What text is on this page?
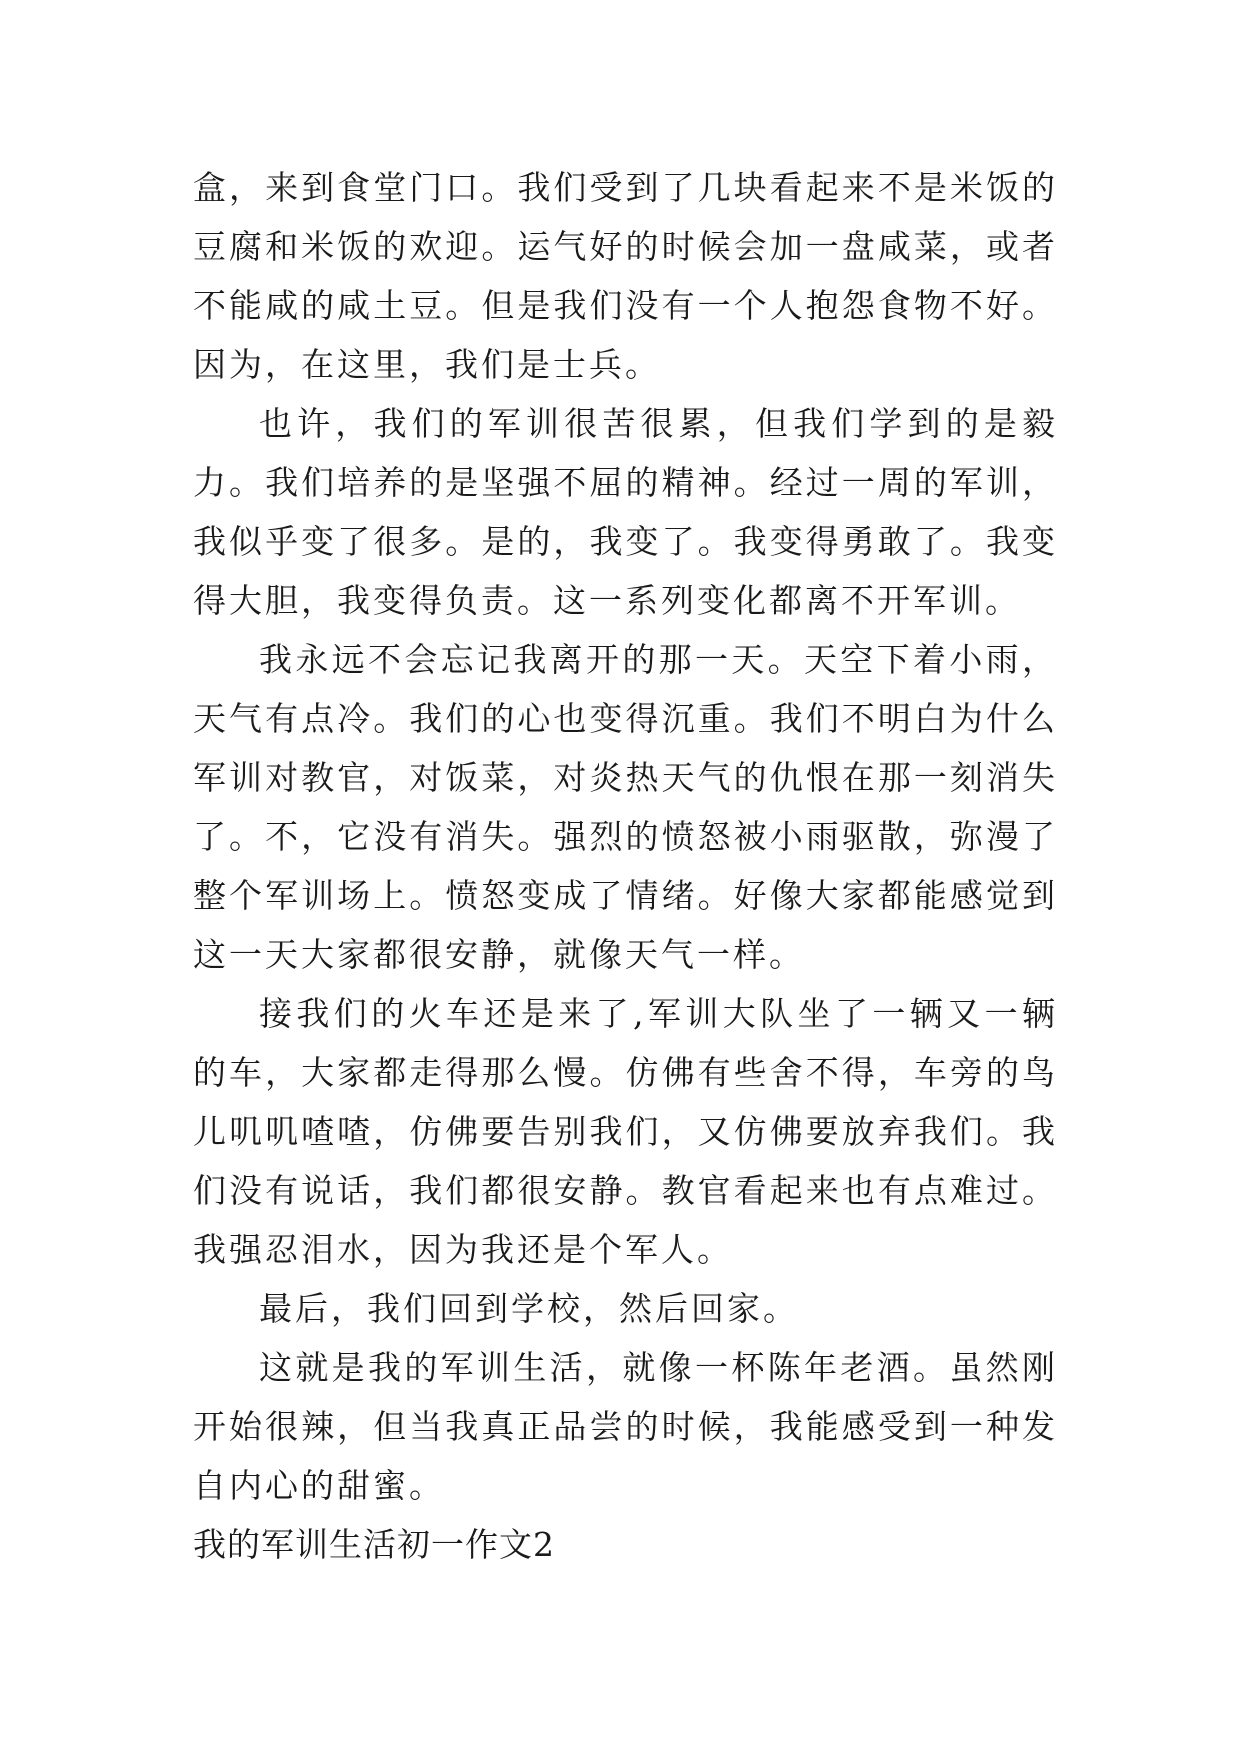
盒，来到食堂门口。我们受到了几块看起来不是米饭的豆腐和米饭的欢迎。运气好的时候会加一盘咸菜，或者不能咸的咸土豆。但是我们没有一个人抱怨食物不好。因为，在这里，我们是士兵。

也许，我们的军训很苦很累，但我们学到的是毅力。我们培养的是坚强不屈的精神。经过一周的军训，我似乎变了很多。是的，我变了。我变得勇敢了。我变得大胆，我变得负责。这一系列变化都离不开军训。

我永远不会忘记我离开的那一天。天空下着小雨，天气有点冷。我们的心也变得沉重。我们不明白为什么军训对教官，对饭菜，对炎热天气的仇恨在那一刻消失了。不，它没有消失。强烈的愤怒被小雨驱散，弥漫了整个军训场上。愤怒变成了情绪。好像大家都能感觉到这一天大家都很安静，就像天气一样。

接我们的火车还是来了,军训大队坐了一辆又一辆的车，大家都走得那么慢。仿佛有些舍不得，车旁的鸟儿叽叽喳喳，仿佛要告别我们，又仿佛要放弃我们。我们没有说话，我们都很安静。教官看起来也有点难过。我强忍泪水，因为我还是个军人。

最后，我们回到学校，然后回家。

这就是我的军训生活，就像一杯陈年老酒。虽然刚开始很辣，但当我真正品尝的时候，我能感受到一种发自内心的甜蜜。

我的军训生活初一作文2
